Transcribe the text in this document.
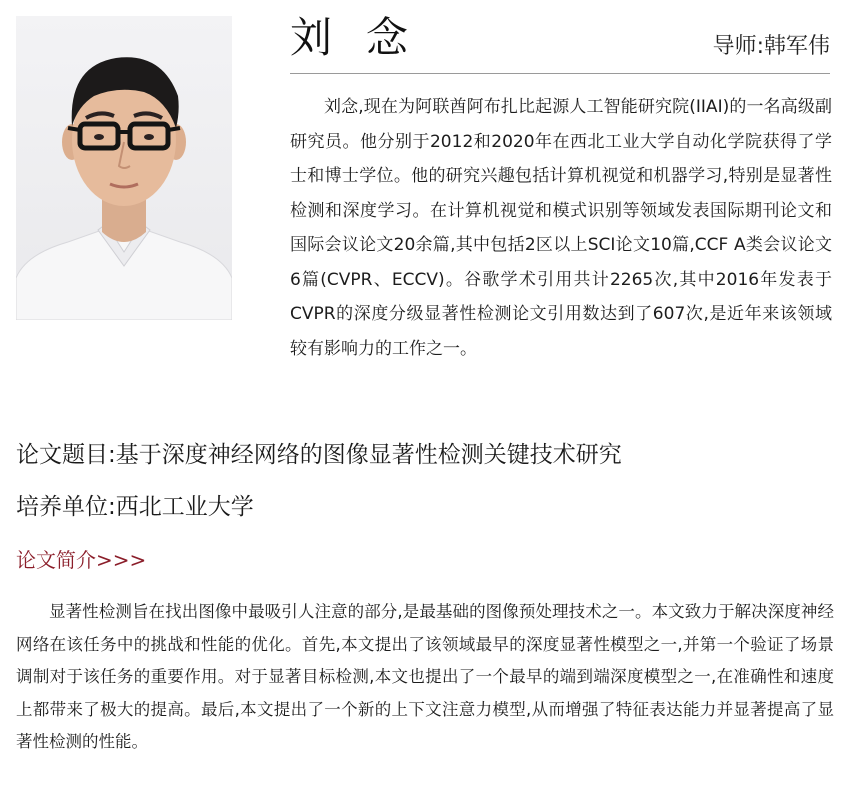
刘念	导师:韩军伟

刘念,现在为阿联酋阿布扎比起源人工智能研究院(IIAI)的一名高级副研究员。他分别于2012和2020年在西北工业大学自动化学院获得了学士和博士学位。他的研究兴趣包括计算机视觉和机器学习,特别是显著性检测和深度学习。在计算机视觉和模式识别等领域发表国际期刊论文和国际会议论文20余篇,其中包括2区以上SCI论文10篇,CCF A类会议论文6篇(CVPR、ECCV)。谷歌学术引用共计2265次,其中2016年发表于CVPR的深度分级显著性检测论文引用数达到了607次,是近年来该领域较有影响力的工作之一。

论文题目:基于深度神经网络的图像显著性检测关键技术研究
培养单位:西北工业大学
论文简介>>>

显著性检测旨在找出图像中最吸引人注意的部分,是最基础的图像预处理技术之一。本文致力于解决深度神经网络在该任务中的挑战和性能的优化。首先,本文提出了该领域最早的深度显著性模型之一,并第一个验证了场景调制对于该任务的重要作用。对于显著目标检测,本文也提出了一个最早的端到端深度模型之一,在准确性和速度上都带来了极大的提高。最后,本文提出了一个新的上下文注意力模型,从而增强了特征表达能力并显著提高了显著性检测的性能。
